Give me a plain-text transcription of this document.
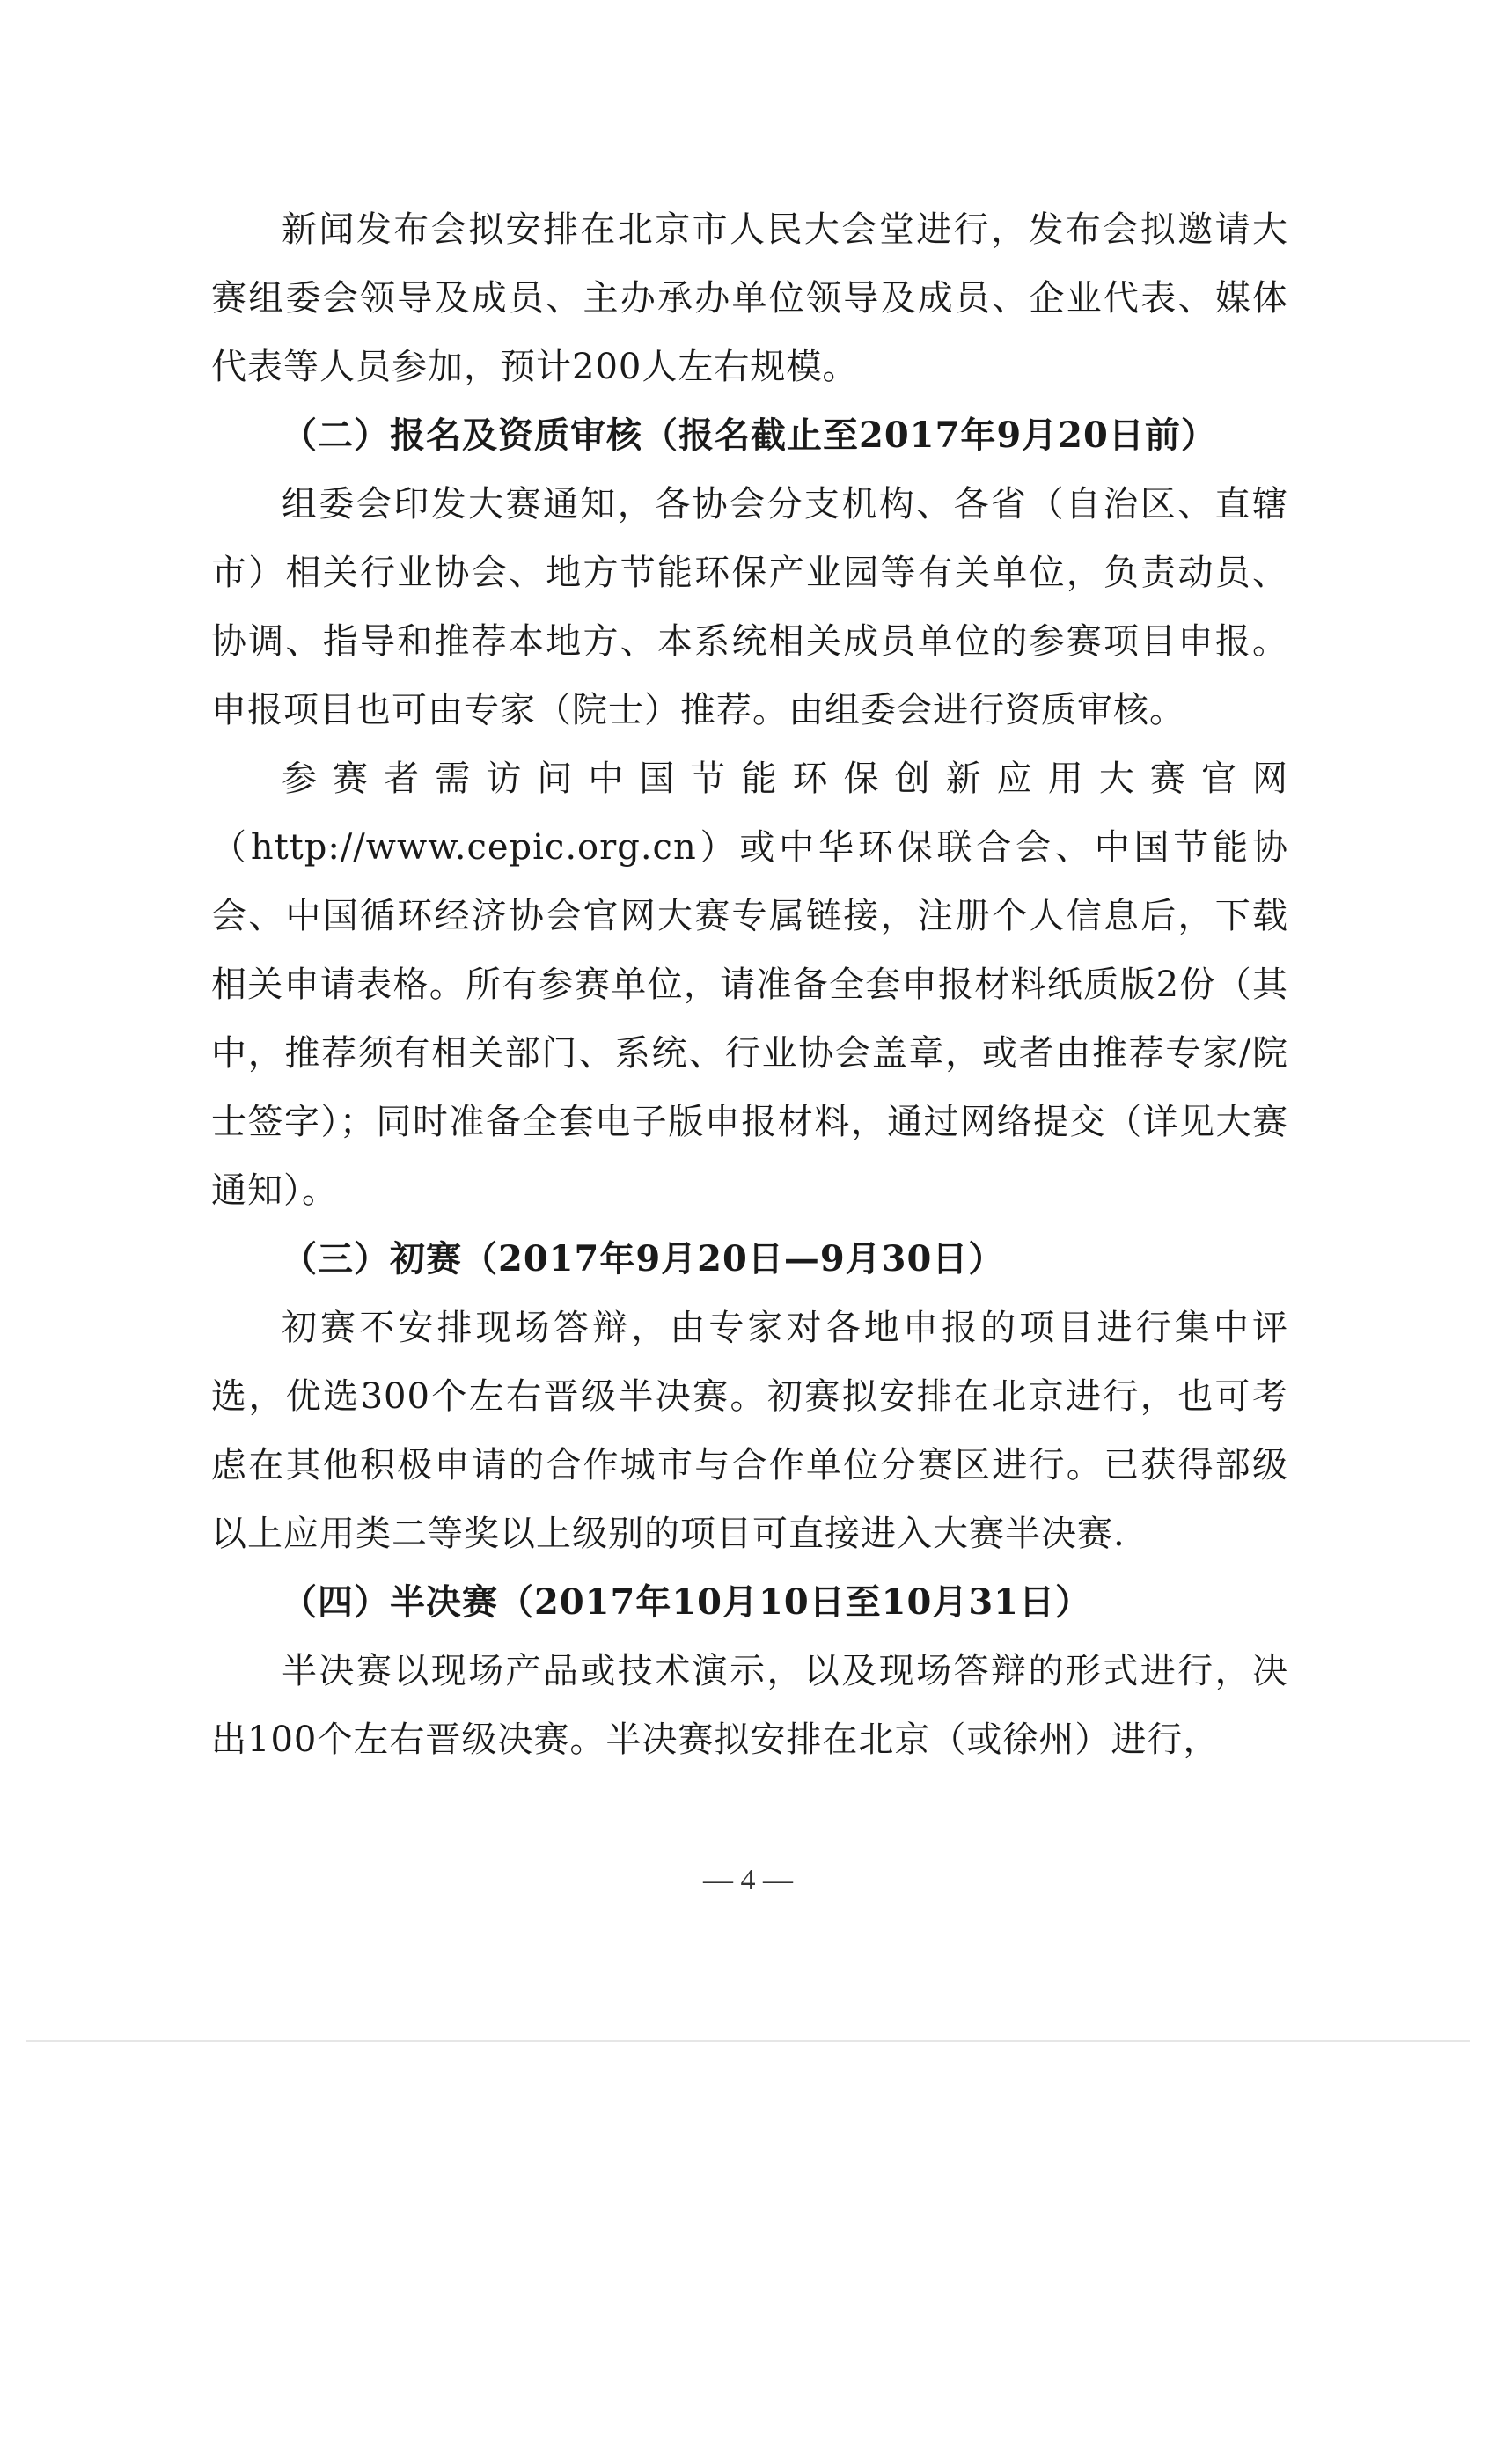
新闻发布会拟安排在北京市人民大会堂进行，发布会拟邀请大赛组委会领导及成员、主办承办单位领导及成员、企业代表、媒体代表等人员参加，预计200人左右规模。

（二）报名及资质审核（报名截止至2017年9月20日前）

组委会印发大赛通知，各协会分支机构、各省（自治区、直辖市）相关行业协会、地方节能环保产业园等有关单位，负责动员、协调、指导和推荐本地方、本系统相关成员单位的参赛项目申报。申报项目也可由专家（院士）推荐。由组委会进行资质审核。

参赛者需访问中国节能环保创新应用大赛官网（http://www.cepic.org.cn）或中华环保联合会、中国节能协会、中国循环经济协会官网大赛专属链接，注册个人信息后，下载相关申请表格。所有参赛单位，请准备全套申报材料纸质版2份（其中，推荐须有相关部门、系统、行业协会盖章，或者由推荐专家/院士签字）；同时准备全套电子版申报材料，通过网络提交（详见大赛通知）。

（三）初赛（2017年9月20日—9月30日）

初赛不安排现场答辩，由专家对各地申报的项目进行集中评选，优选300个左右晋级半决赛。初赛拟安排在北京进行，也可考虑在其他积极申请的合作城市与合作单位分赛区进行。已获得部级以上应用类二等奖以上级别的项目可直接进入大赛半决赛.

（四）半决赛（2017年10月10日至10月31日）

半决赛以现场产品或技术演示，以及现场答辩的形式进行，决出100个左右晋级决赛。半决赛拟安排在北京（或徐州）进行，

— 4 —
